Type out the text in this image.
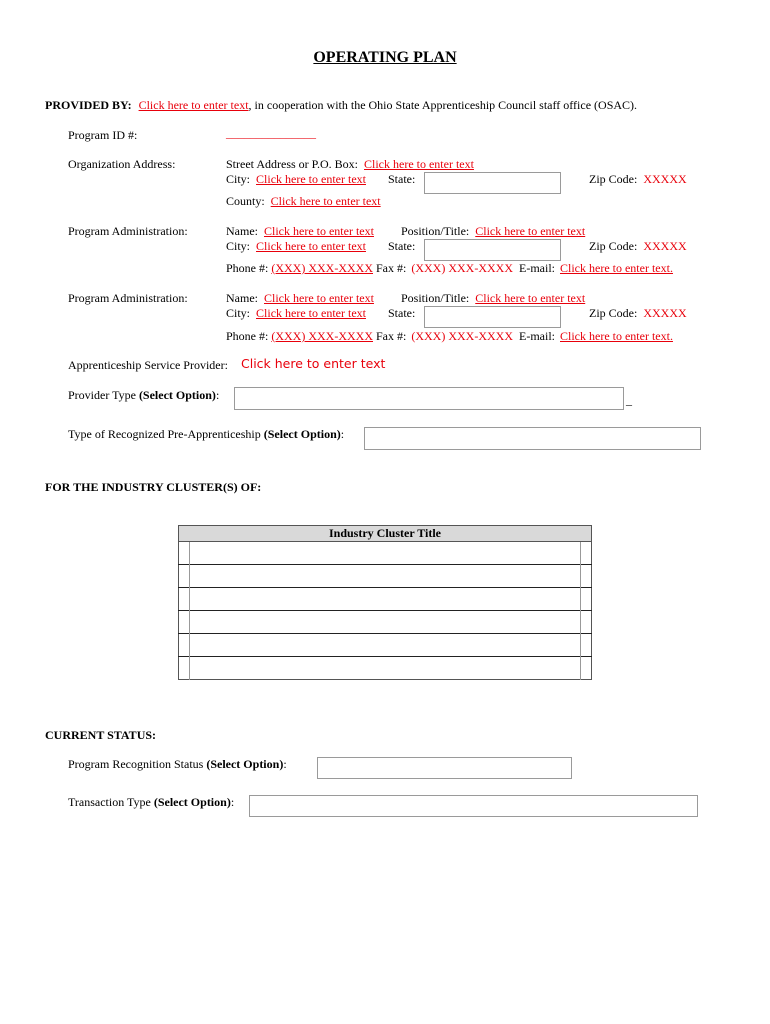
OPERATING PLAN
PROVIDED BY: Click here to enter text, in cooperation with the Ohio State Apprenticeship Council staff office (OSAC).
Program ID #:	_______________
Organization Address:	Street Address or P.O. Box: Click here to enter text
City: Click here to enter text State:	Zip Code: XXXXX
County: Click here to enter text
Program Administration:	Name: Click here to enter text Position/Title: Click here to enter text
City: Click here to enter text State:	Zip Code: XXXXX
Phone #: (XXX) XXX-XXXX Fax #: (XXX) XXX-XXXX E-mail: Click here to enter text.
Program Administration:	Name: Click here to enter text Position/Title: Click here to enter text
City: Click here to enter text State:	Zip Code: XXXXX
Phone #: (XXX) XXX-XXXX Fax #: (XXX) XXX-XXXX E-mail: Click here to enter text.
Apprenticeship Service Provider: Click here to enter text
Provider Type (Select Option):	_
Type of Recognized Pre-Apprenticeship (Select Option):
FOR THE INDUSTRY CLUSTER(S) OF:
Industry Cluster Title		

CURRENT STATUS:
Program Recognition Status (Select Option):
Transaction Type (Select Option):
